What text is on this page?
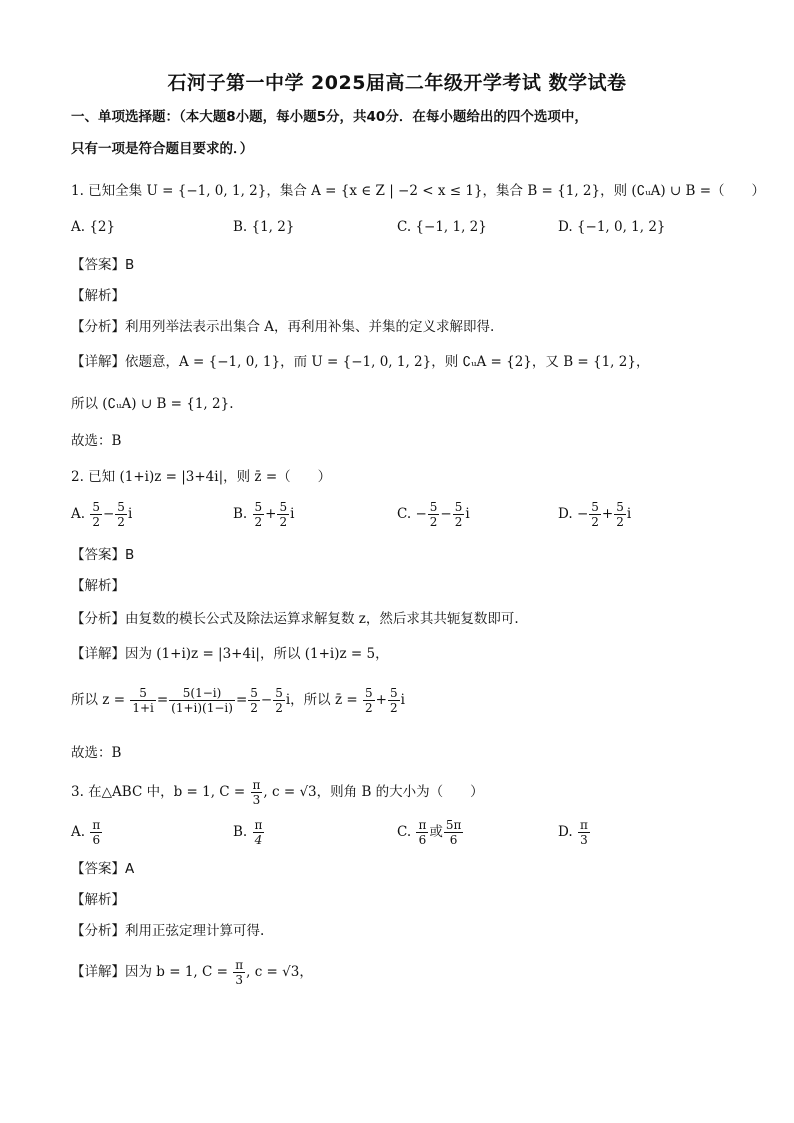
石河子第一中学 2025届高二年级开学考试 数学试卷
一、单项选择题：（本大题8小题，每小题5分，共40分．在每小题给出的四个选项中，
只有一项是符合题目要求的．）
1. 已知全集 U = {−1, 0, 1, 2}，集合 A = {x ∈ Z | −2 < x ≤ 1}，集合 B = {1, 2}，则 (∁ᵤA) ∪ B =（　　）
A. {2}	B. {1, 2}	C. {−1, 1, 2}	D. {−1, 0, 1, 2}
【答案】B
【解析】
【分析】利用列举法表示出集合 A，再利用补集、并集的定义求解即得.
【详解】依题意，A = {−1, 0, 1}，而 U = {−1, 0, 1, 2}，则 ∁ᵤA = {2}，又 B = {1, 2}，
所以 (∁ᵤA) ∪ B = {1, 2}.
故选：B
2. 已知 (1+i)z = |3+4i|，则 z̄ =（　　）
A. $\frac{5}{2} - \frac{5}{2}$ i	B. $\frac{5}{2} + \frac{5}{2}$ i	C. − $\frac{5}{2} - \frac{5}{2}$ i	D. − $\frac{5}{2} + \frac{5}{2}$ i
【答案】B
【解析】
【分析】由复数的模长公式及除法运算求解复数 z，然后求其共轭复数即可.
【详解】因为 (1+i)z = |3+4i|，所以 (1+i)z = 5，
所以 $z = \frac{5}{1+i} = \frac{5(1-i)}{(1+i)(1-i)} = \frac{5}{2} - \frac{5}{2}$ i，所以 z̄ = $\frac{5}{2} + \frac{5}{2}$ i
故选：B
3. 在△ABC 中，b = 1, $C = \frac{\pi}{3}$ , c = √3，则角 B 的大小为（　　）
A. $\frac{\pi}{6}$	B. $\frac{\pi}{4}$	C. $\frac{\pi}{6}$ 或 $\frac{5\pi}{6}$	D. $\frac{\pi}{3}$
【答案】A
【解析】
【分析】利用正弦定理计算可得.
【详解】因为 b = 1, $C = \frac{\pi}{3}$ , c = √3，
